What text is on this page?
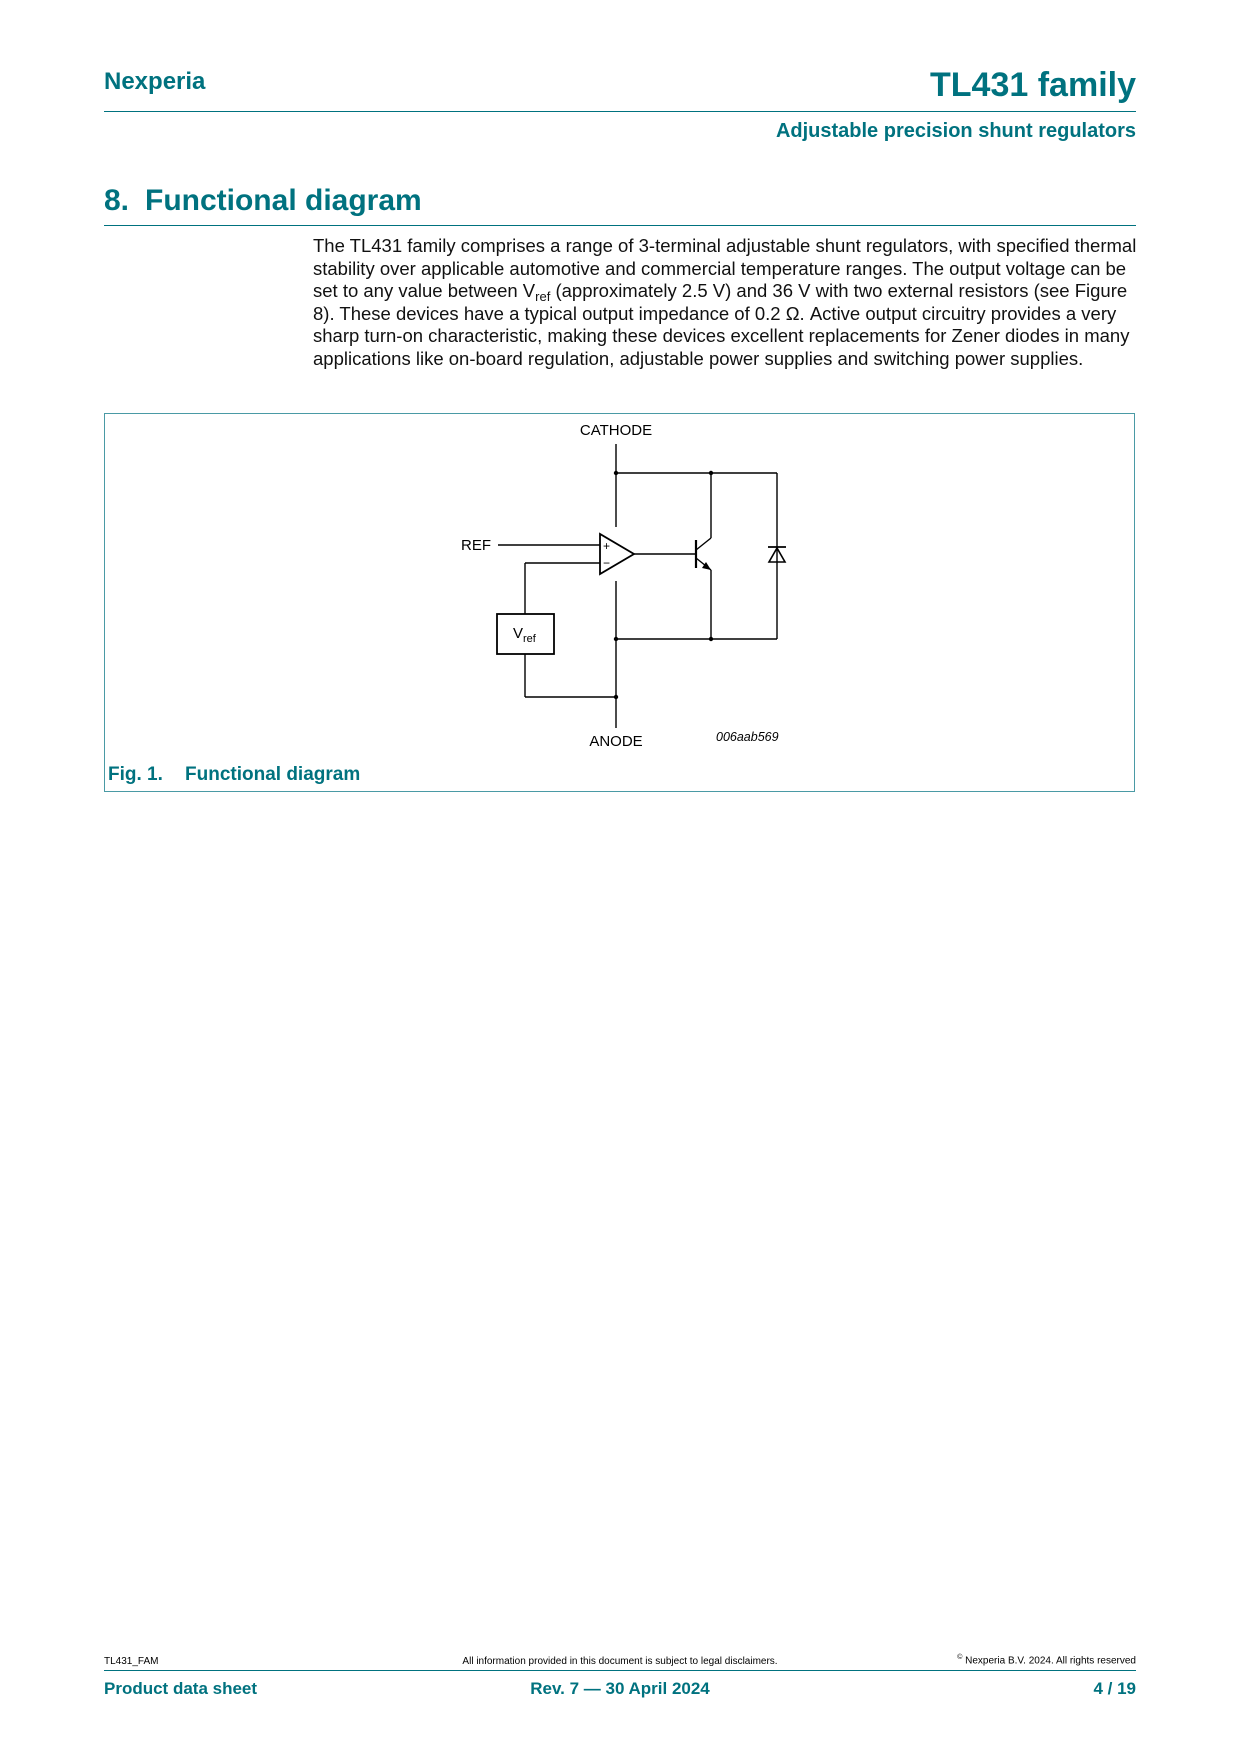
Nexperia	TL431 family
Adjustable precision shunt regulators
8. Functional diagram
The TL431 family comprises a range of 3-terminal adjustable shunt regulators, with specified thermal stability over applicable automotive and commercial temperature ranges. The output voltage can be set to any value between $V_{ref}$ (approximately 2.5 V) and 36 V with two external resistors (see Figure 8). These devices have a typical output impedance of 0.2 Ω. Active output circuitry provides a very sharp turn-on characteristic, making these devices excellent replacements for Zener diodes in many applications like on-board regulation, adjustable power supplies and switching power supplies.
CATHODE
ANODE
REF	+
−
$V_{ref}$
006aab569
Fig. 1. Functional diagram
TL431_FAM	All information provided in this document is subject to legal disclaimers.	© Nexperia B.V. 2024. All rights reserved
Product data sheet	Rev. 7 — 30 April 2024	4 / 19
